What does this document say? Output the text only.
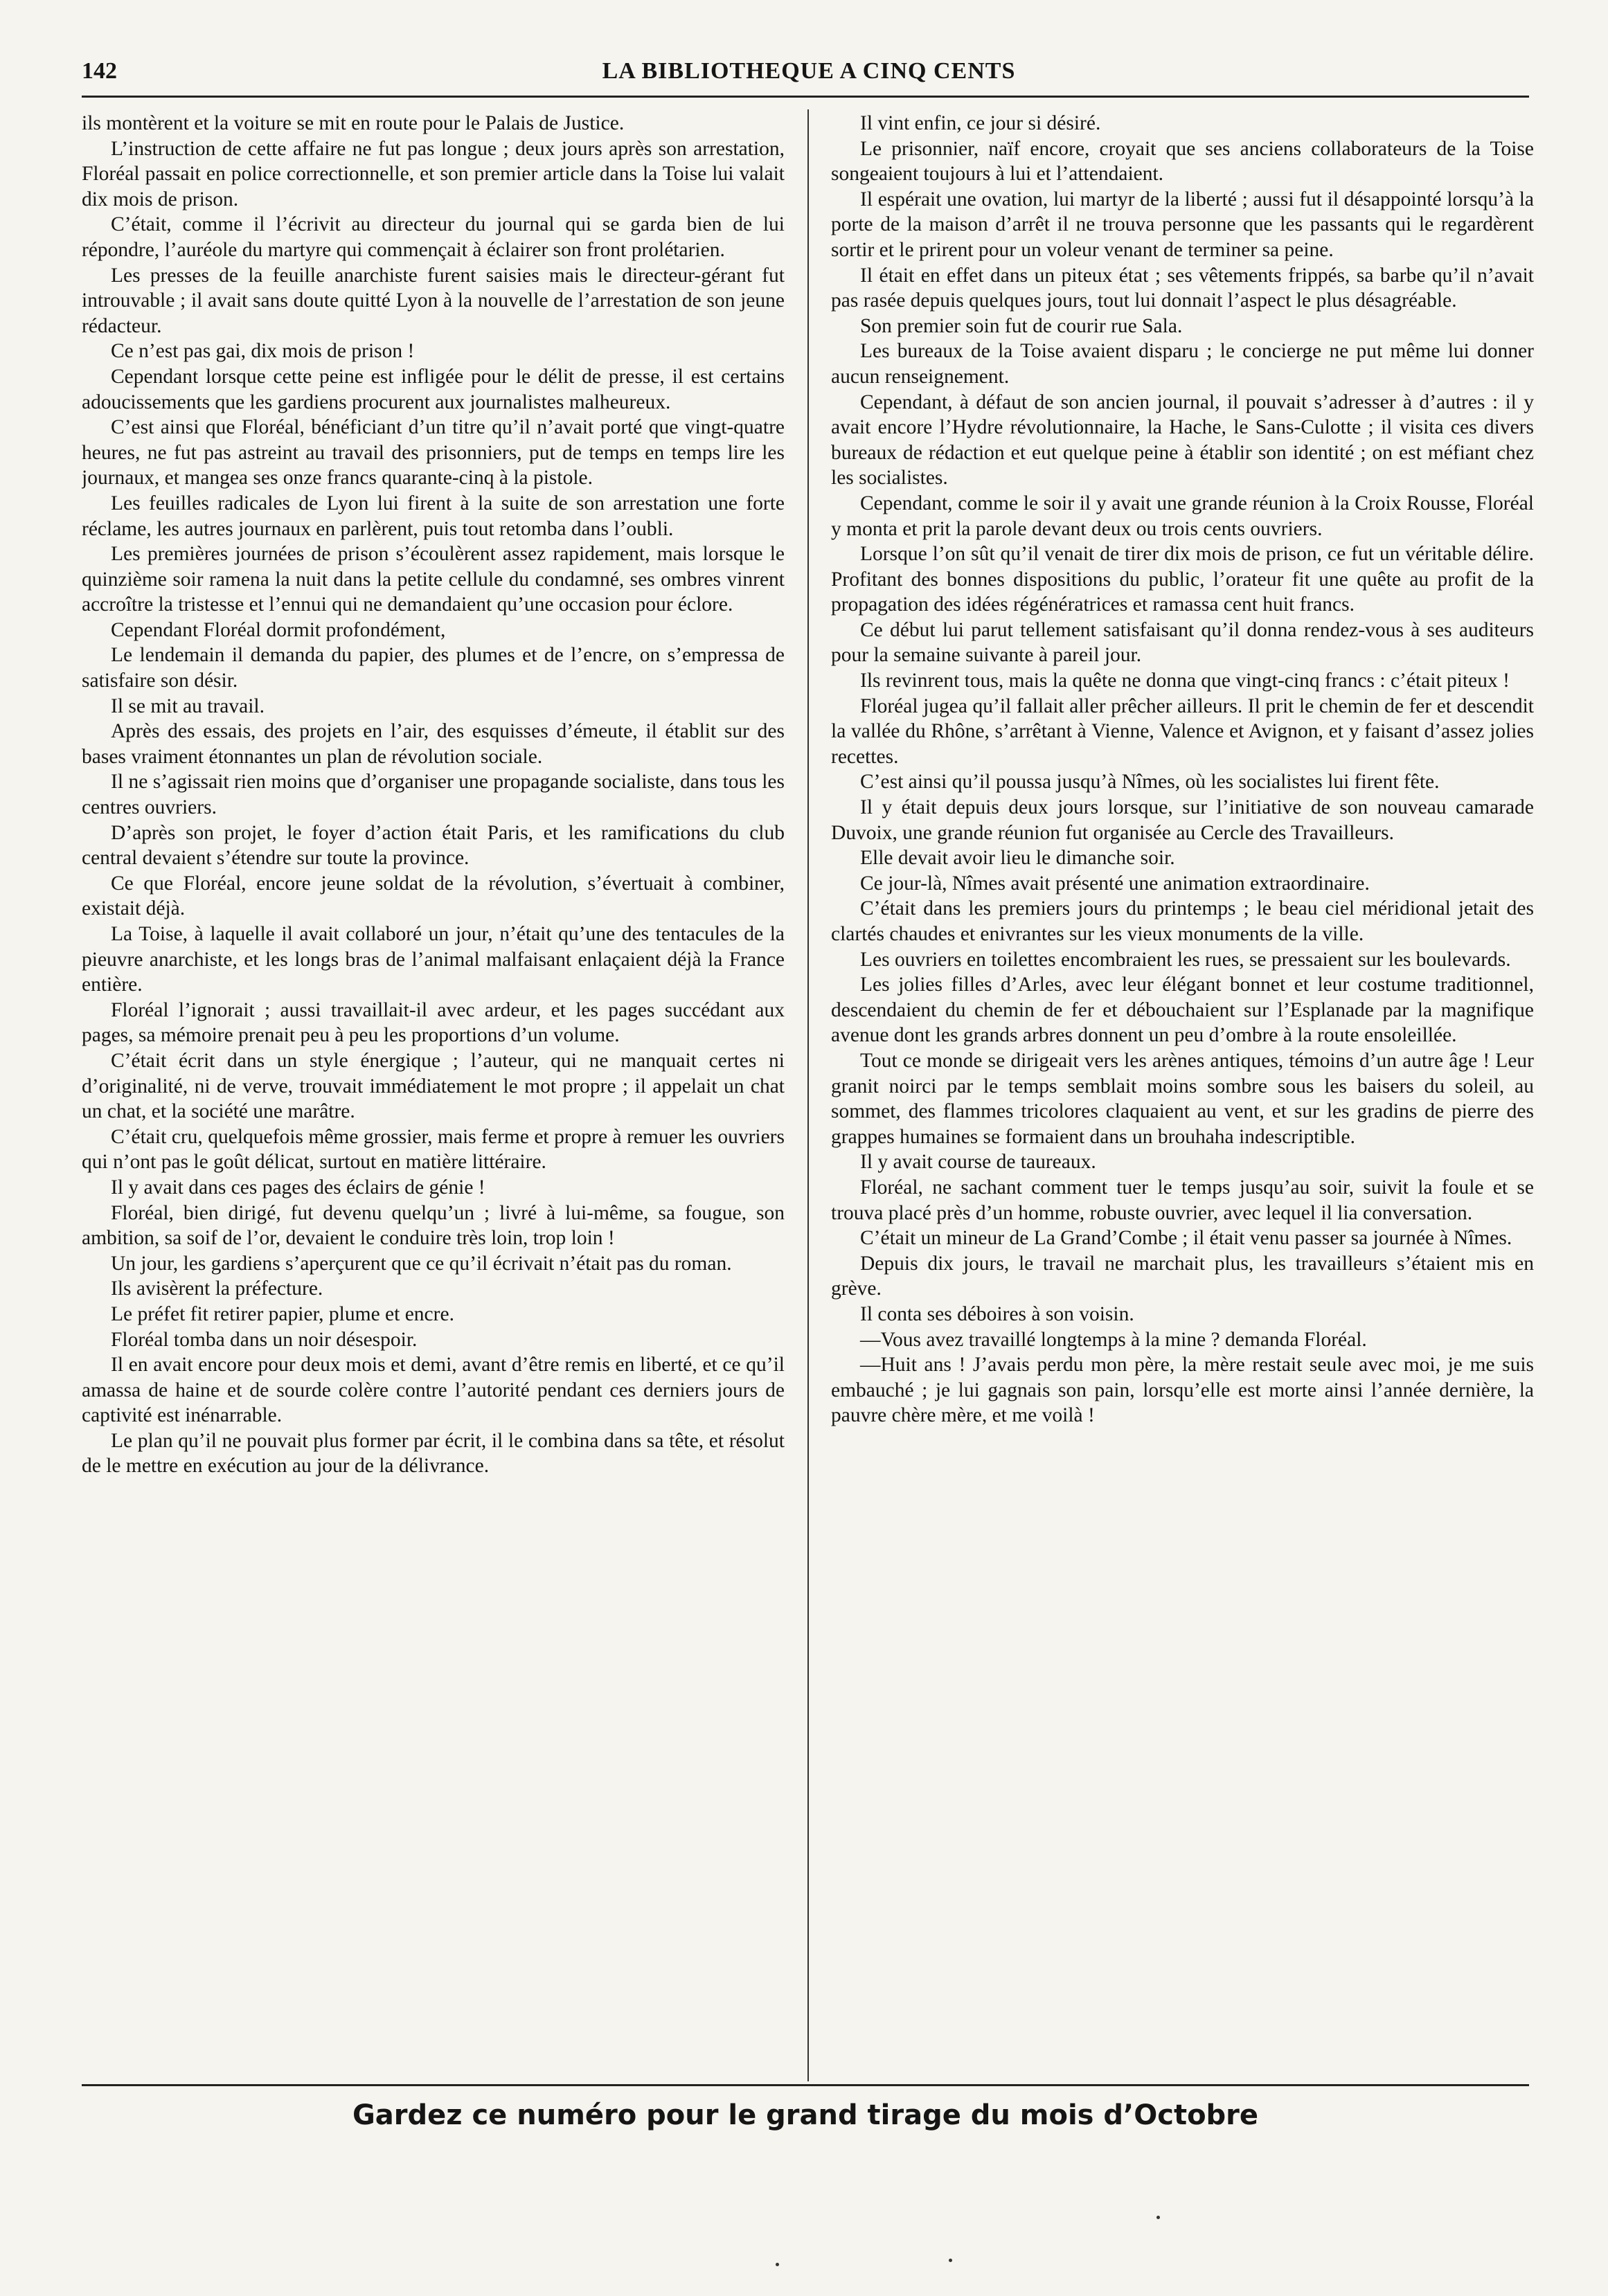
142	LA BIBLIOTHEQUE A CINQ CENTS

ils montèrent et la voiture se mit en route pour le Palais de Justice.

L’instruction de cette affaire ne fut pas longue ; deux jours après son arrestation, Floréal passait en police correctionnelle, et son premier article dans la Toise lui valait dix mois de prison.

C’était, comme il l’écrivit au directeur du journal qui se garda bien de lui répondre, l’auréole du martyre qui commençait à éclairer son front prolétarien.

Les presses de la feuille anarchiste furent saisies mais le directeur-gérant fut introuvable ; il avait sans doute quitté Lyon à la nouvelle de l’arrestation de son jeune rédacteur.

Ce n’est pas gai, dix mois de prison !

Cependant lorsque cette peine est infligée pour le délit de presse, il est certains adoucissements que les gardiens procurent aux journalistes malheureux.

C’est ainsi que Floréal, bénéficiant d’un titre qu’il n’avait porté que vingt-quatre heures, ne fut pas astreint au travail des prisonniers, put de temps en temps lire les journaux, et mangea ses onze francs quarante-cinq à la pistole.

Les feuilles radicales de Lyon lui firent à la suite de son arrestation une forte réclame, les autres journaux en parlèrent, puis tout retomba dans l’oubli.

Les premières journées de prison s’écoulèrent assez rapidement, mais lorsque le quinzième soir ramena la nuit dans la petite cellule du condamné, ses ombres vinrent accroître la tristesse et l’ennui qui ne demandaient qu’une occasion pour éclore.

Cependant Floréal dormit profondément,

Le lendemain il demanda du papier, des plumes et de l’encre, on s’empressa de satisfaire son désir.

Il se mit au travail.

Après des essais, des projets en l’air, des esquisses d’émeute, il établit sur des bases vraiment étonnantes un plan de révolution sociale.

Il ne s’agissait rien moins que d’organiser une propagande socialiste, dans tous les centres ouvriers.

D’après son projet, le foyer d’action était Paris, et les ramifications du club central devaient s’étendre sur toute la province.

Ce que Floréal, encore jeune soldat de la révolution, s’évertuait à combiner, existait déjà.

La Toise, à laquelle il avait collaboré un jour, n’était qu’une des tentacules de la pieuvre anarchiste, et les longs bras de l’animal malfaisant enlaçaient déjà la France entière.

Floréal l’ignorait ; aussi travaillait-il avec ardeur, et les pages succédant aux pages, sa mémoire prenait peu à peu les proportions d’un volume.

C’était écrit dans un style énergique ; l’auteur, qui ne manquait certes ni d’originalité, ni de verve, trouvait immédiatement le mot propre ; il appelait un chat un chat, et la société une marâtre.

C’était cru, quelquefois même grossier, mais ferme et propre à remuer les ouvriers qui n’ont pas le goût délicat, surtout en matière littéraire.

Il y avait dans ces pages des éclairs de génie !

Floréal, bien dirigé, fut devenu quelqu’un ; livré à lui-même, sa fougue, son ambition, sa soif de l’or, devaient le conduire très loin, trop loin !

Un jour, les gardiens s’aperçurent que ce qu’il écrivait n’était pas du roman.

Ils avisèrent la préfecture.

Le préfet fit retirer papier, plume et encre.

Floréal tomba dans un noir désespoir.

Il en avait encore pour deux mois et demi, avant d’être remis en liberté, et ce qu’il amassa de haine et de sourde colère contre l’autorité pendant ces derniers jours de captivité est inénarrable.

Le plan qu’il ne pouvait plus former par écrit, il le combina dans sa tête, et résolut de le mettre en exécution au jour de la délivrance.

Il vint enfin, ce jour si désiré.

Le prisonnier, naïf encore, croyait que ses anciens collaborateurs de la Toise songeaient toujours à lui et l’attendaient.

Il espérait une ovation, lui martyr de la liberté ; aussi fut il désappointé lorsqu’à la porte de la maison d’arrêt il ne trouva personne que les passants qui le regardèrent sortir et le prirent pour un voleur venant de terminer sa peine.

Il était en effet dans un piteux état ; ses vêtements frippés, sa barbe qu’il n’avait pas rasée depuis quelques jours, tout lui donnait l’aspect le plus désagréable.

Son premier soin fut de courir rue Sala.

Les bureaux de la Toise avaient disparu ; le concierge ne put même lui donner aucun renseignement.

Cependant, à défaut de son ancien journal, il pouvait s’adresser à d’autres : il y avait encore l’Hydre révolutionnaire, la Hache, le Sans-Culotte ; il visita ces divers bureaux de rédaction et eut quelque peine à établir son identité ; on est méfiant chez les socialistes.

Cependant, comme le soir il y avait une grande réunion à la Croix Rousse, Floréal y monta et prit la parole devant deux ou trois cents ouvriers.

Lorsque l’on sût qu’il venait de tirer dix mois de prison, ce fut un véritable délire. Profitant des bonnes dispositions du public, l’orateur fit une quête au profit de la propagation des idées régénératrices et ramassa cent huit francs.

Ce début lui parut tellement satisfaisant qu’il donna rendez-vous à ses auditeurs pour la semaine suivante à pareil jour.

Ils revinrent tous, mais la quête ne donna que vingt-cinq francs : c’était piteux !

Floréal jugea qu’il fallait aller prêcher ailleurs. Il prit le chemin de fer et descendit la vallée du Rhône, s’arrêtant à Vienne, Valence et Avignon, et y faisant d’assez jolies recettes.

C’est ainsi qu’il poussa jusqu’à Nîmes, où les socialistes lui firent fête.

Il y était depuis deux jours lorsque, sur l’initiative de son nouveau camarade Duvoix, une grande réunion fut organisée au Cercle des Travailleurs.

Elle devait avoir lieu le dimanche soir.

Ce jour-là, Nîmes avait présenté une animation extraordinaire.

C’était dans les premiers jours du printemps ; le beau ciel méridional jetait des clartés chaudes et enivrantes sur les vieux monuments de la ville.

Les ouvriers en toilettes encombraient les rues, se pressaient sur les boulevards.

Les jolies filles d’Arles, avec leur élégant bonnet et leur costume traditionnel, descendaient du chemin de fer et débouchaient sur l’Esplanade par la magnifique avenue dont les grands arbres donnent un peu d’ombre à la route ensoleillée.

Tout ce monde se dirigeait vers les arènes antiques, témoins d’un autre âge ! Leur granit noirci par le temps semblait moins sombre sous les baisers du soleil, au sommet, des flammes tricolores claquaient au vent, et sur les gradins de pierre des grappes humaines se formaient dans un brouhaha indescriptible.

Il y avait course de taureaux.

Floréal, ne sachant comment tuer le temps jusqu’au soir, suivit la foule et se trouva placé près d’un homme, robuste ouvrier, avec lequel il lia conversation.

C’était un mineur de La Grand’Combe ; il était venu passer sa journée à Nîmes.

Depuis dix jours, le travail ne marchait plus, les travailleurs s’étaient mis en grève.

Il conta ses déboires à son voisin.

—Vous avez travaillé longtemps à la mine ? demanda Floréal.

—Huit ans ! J’avais perdu mon père, la mère restait seule avec moi, je me suis embauché ; je lui gagnais son pain, lorsqu’elle est morte ainsi l’année dernière, la pauvre chère mère, et me voilà !

Gardez ce numéro pour le grand tirage du mois d’Octobre
